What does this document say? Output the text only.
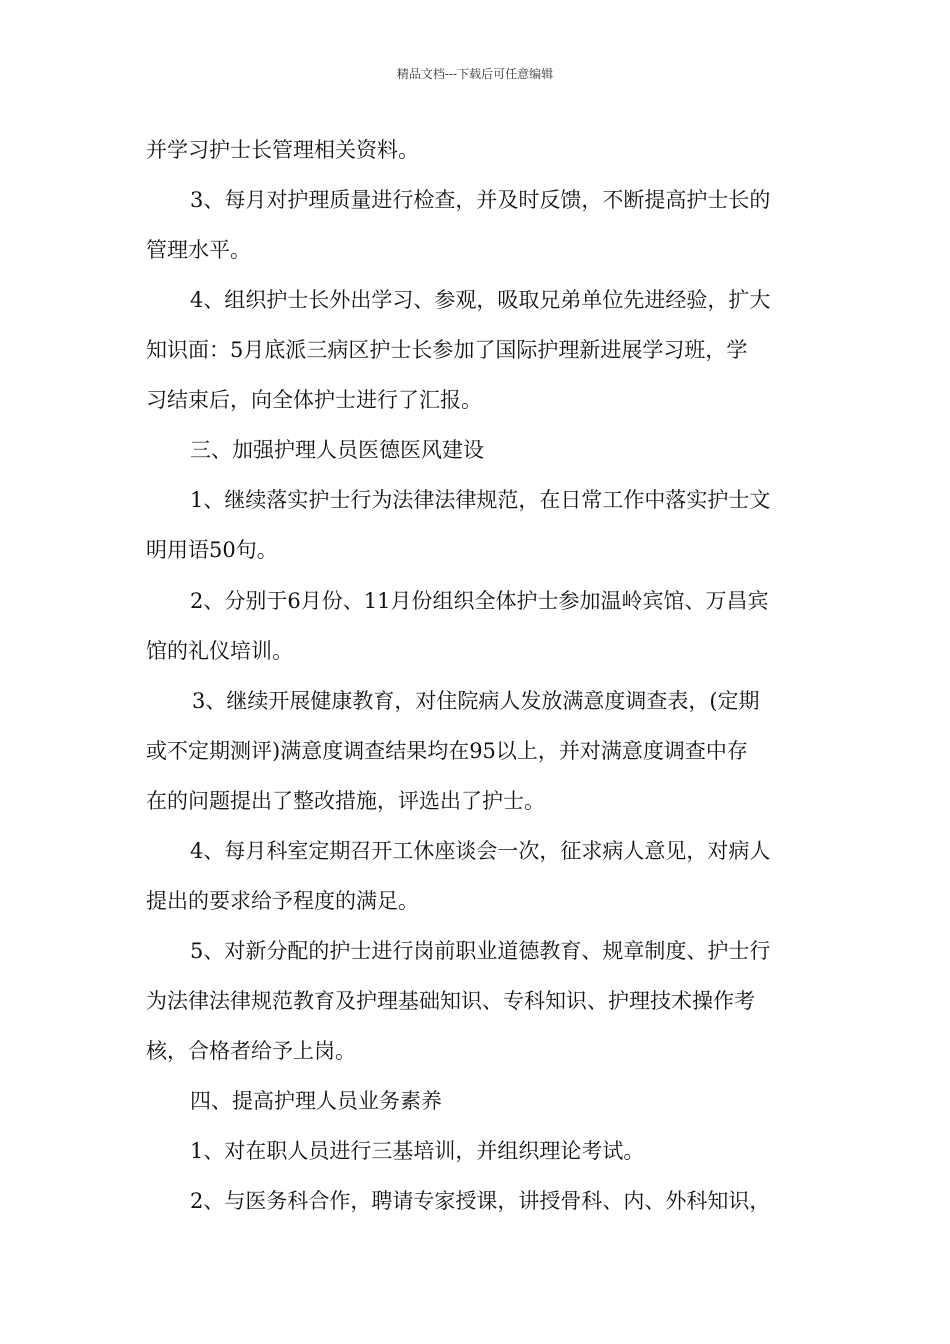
精品文档---下载后可任意编辑
并学习护士长管理相关资料。
3、每月对护理质量进行检查，并及时反馈，不断提高护士长的
管理水平。
4、组织护士长外出学习、参观，吸取兄弟单位先进经验，扩大
知识面：5月底派三病区护士长参加了国际护理新进展学习班，学
习结束后，向全体护士进行了汇报。
三、加强护理人员医德医风建设
1、继续落实护士行为法律法律规范，在日常工作中落实护士文
明用语50句。
2、分别于6月份、11月份组织全体护士参加温岭宾馆、万昌宾
馆的礼仪培训。
3、继续开展健康教育，对住院病人发放满意度调查表，(定期
或不定期测评)满意度调查结果均在95以上，并对满意度调查中存
在的问题提出了整改措施，评选出了护士。
4、每月科室定期召开工休座谈会一次，征求病人意见，对病人
提出的要求给予程度的满足。
5、对新分配的护士进行岗前职业道德教育、规章制度、护士行
为法律法律规范教育及护理基础知识、专科知识、护理技术操作考
核，合格者给予上岗。
四、提高护理人员业务素养
1、对在职人员进行三基培训，并组织理论考试。
2、与医务科合作，聘请专家授课，讲授骨科、内、外科知识，
